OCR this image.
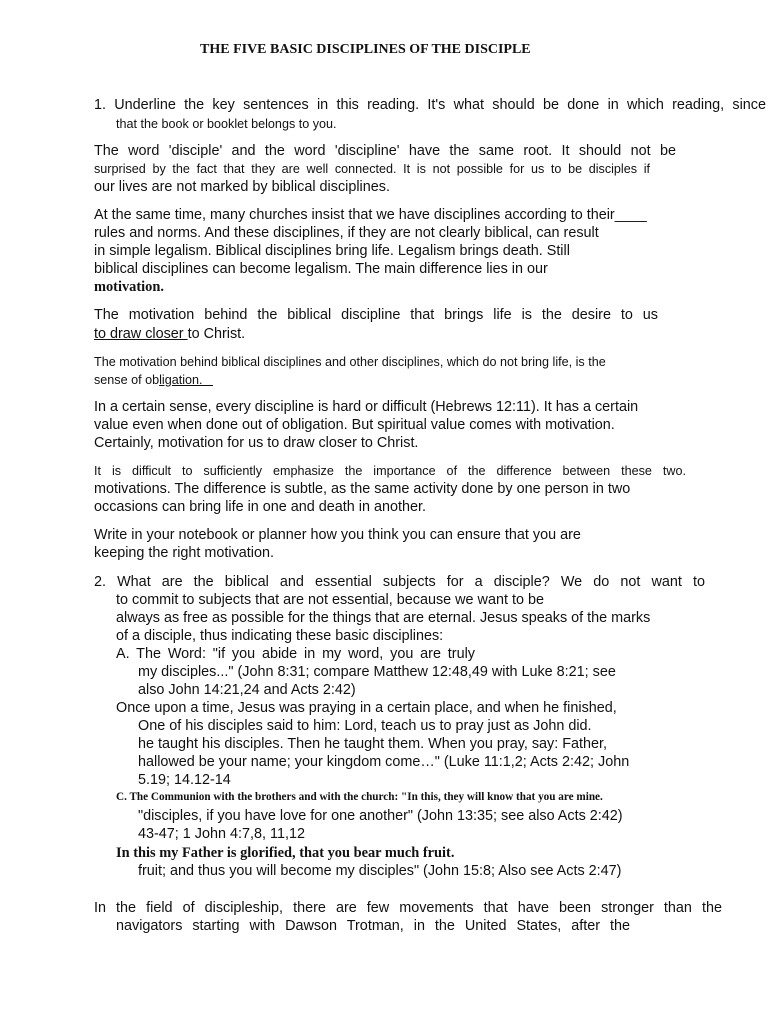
THE FIVE BASIC DISCIPLINES OF THE DISCIPLE
1. Underline the key sentences in this reading. It's what should be done in which reading, since
that the book or booklet belongs to you.
The word 'disciple' and the word 'discipline' have the same root. It should not be
surprised by the fact that they are well connected. It is not possible for us to be disciples if
our lives are not marked by biblical disciplines.
At the same time, many churches insist that we have disciplines according to their____
rules and norms. And these disciplines, if they are not clearly biblical, can result
in simple legalism. Biblical disciplines bring life. Legalism brings death. Still
biblical disciplines can become legalism. The main difference lies in our
motivation.
The motivation behind the biblical discipline that brings life is the desire to us
to draw closer to Christ.
The motivation behind biblical disciplines and other disciplines, which do not bring life, is the
sense of obligation.
In a certain sense, every discipline is hard or difficult (Hebrews 12:11). It has a certain
value even when done out of obligation. But spiritual value comes with motivation.
Certainly, motivation for us to draw closer to Christ.
It is difficult to sufficiently emphasize the importance of the difference between these two.
motivations. The difference is subtle, as the same activity done by one person in two
occasions can bring life in one and death in another.
Write in your notebook or planner how you think you can ensure that you are
keeping the right motivation.
2. What are the biblical and essential subjects for a disciple? We do not want to
to commit to subjects that are not essential, because we want to be
always as free as possible for the things that are eternal. Jesus speaks of the marks
of a disciple, thus indicating these basic disciplines:
A. The Word: "if you abide in my word, you are truly
my disciples..." (John 8:31; compare Matthew 12:48,49 with Luke 8:21; see
also John 14:21,24 and Acts 2:42)
Once upon a time, Jesus was praying in a certain place, and when he finished,
One of his disciples said to him: Lord, teach us to pray just as John did.
he taught his disciples. Then he taught them. When you pray, say: Father,
hallowed be your name; your kingdom come…" (Luke 11:1,2; Acts 2:42; John
5.19; 14.12-14
C. The Communion with the brothers and with the church: "In this, they will know that you are mine.
"disciples, if you have love for one another" (John 13:35; see also Acts 2:42)
43-47; 1 John 4:7,8, 11,12
In this my Father is glorified, that you bear much fruit.
fruit; and thus you will become my disciples" (John 15:8; Also see Acts 2:47)
In the field of discipleship, there are few movements that have been stronger than the
navigators starting with Dawson Trotman, in the United States, after the
